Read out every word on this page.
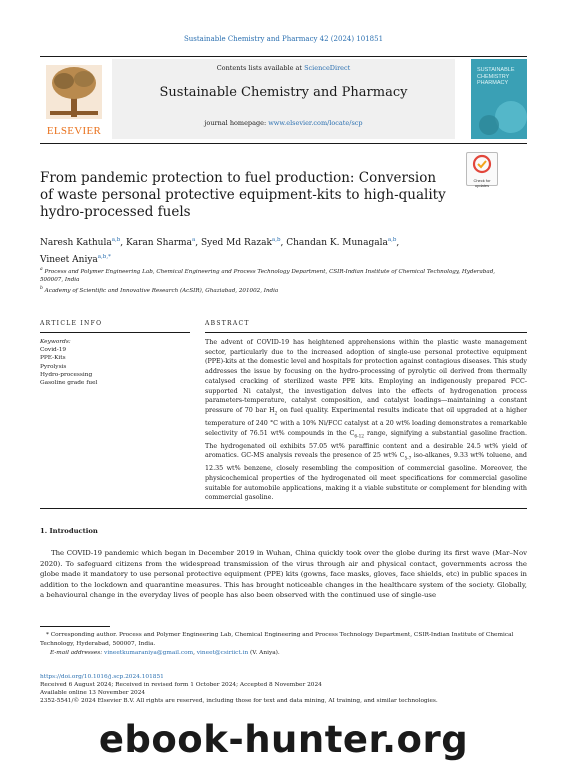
Sustainable Chemistry and Pharmacy 42 (2024) 101851
ELSEVIER
Contents lists available at ScienceDirect
Sustainable Chemistry and Pharmacy
journal homepage: www.elsevier.com/locate/scp
SUSTAINABLE
CHEMISTRY
PHARMACY
From pandemic protection to fuel production: Conversion of waste personal protective equipment-kits to high-quality hydro-processed fuels
Check for
updates
Naresh Kathula$^{a,b}$, Karan Sharma$^a$, Syed Md Razak$^{a,b}$, Chandan K. Munagala$^{a,b}$,
Vineet Aniya$^{a,b,*}$
$^a$ Process and Polymer Engineering Lab, Chemical Engineering and Process Technology Department, CSIR-Indian Institute of Chemical Technology, Hyderabad, 500007, India
$^b$ Academy of Scientific and Innovative Research (AcSIR), Ghaziabad, 201002, India
ARTICLE INFO	ABSTRACT
Keywords:
Covid-19
PPE-Kits
Pyrolysis
Hydro-processing
Gasoline grade fuel
The advent of COVID-19 has heightened apprehensions within the plastic waste management sector, particularly due to the increased adoption of single-use personal protective equipment (PPE)-kits at the domestic level and hospitals for protection against contagious diseases. This study addresses the issue by focusing on the hydro-processing of pyrolytic oil derived from thermally catalysed cracking of sterilized waste PPE kits. Employing an indigenously prepared FCC-supported Ni catalyst, the investigation delves into the effects of hydrogenation process parameters-temperature, catalyst composition, and catalyst loadings—maintaining a constant pressure of 70 bar $H_2$ on fuel quality. Experimental results indicate that oil upgraded at a higher temperature of 240 °C with a 10% Ni/FCC catalyst at a 20 wt% loading demonstrates a remarkable selectivity of 76.51 wt% compounds in the $C_{6-12}$ range, signifying a substantial gasoline fraction. The hydrogenated oil exhibits 57.05 wt% paraffinic content and a desirable 24.5 wt% yield of aromatics. GC-MS analysis reveals the presence of 25 wt% $C_{5-7}$ iso-alkanes, 9.33 wt% toluene, and 12.35 wt% benzene, closely resembling the composition of commercial gasoline. Moreover, the physicochemical properties of the hydrogenated oil meet specifications for commercial gasoline suitable for automobile applications, making it a viable substitute or complement for blending with commercial gasoline.
1. Introduction
The COVID-19 pandemic which began in December 2019 in Wuhan, China quickly took over the globe during its first wave (Mar–Nov 2020). To safeguard citizens from the widespread transmission of the virus through air and physical contact, governments across the globe made it mandatory to use personal protective equipment (PPE) kits (gowns, face masks, gloves, face shields, etc) in public spaces in addition to the lockdown and quarantine measures. This has brought noticeable changes in the healthcare system of the society. Globally, a behavioural change in the everyday lives of people has also been observed with the continued use of single-use
* Corresponding author. Process and Polymer Engineering Lab, Chemical Engineering and Process Technology Department, CSIR-Indian Institute of Chemical Technology, Hyderabad, 500007, India.
E-mail addresses: vineetkumaraniya@gmail.com, vineet@csiriict.in (V. Aniya).
https://doi.org/10.1016/j.scp.2024.101851
Received 6 August 2024; Received in revised form 1 October 2024; Accepted 8 November 2024
Available online 13 November 2024
2352-5541/© 2024 Elsevier B.V. All rights are reserved, including those for text and data mining, AI training, and similar technologies.
ebook-hunter.org
